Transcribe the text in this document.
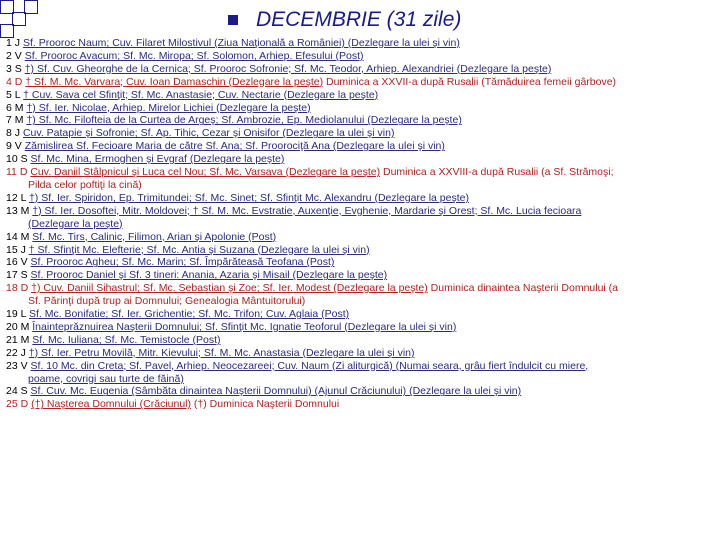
DECEMBRIE (31 zile)
1 J Sf. Prooroc Naum; Cuv. Filaret Milostivul (Ziua Naţională a României) (Dezlegare la ulei şi vin)
2 V Sf. Prooroc Avacum; Sf. Mc. Miropa; Sf. Solomon, Arhiep. Efesului (Post)
3 S †) Sf. Cuv. Gheorghe de la Cernica; Sf. Prooroc Sofronie; Sf. Mc. Teodor, Arhiep. Alexandriei (Dezlegare la peşte)
4 D † Sf. M. Mc. Varvara; Cuv. Ioan Damaschin (Dezlegare la peşte) Duminica a XXVII-a după Rusalii (Tămăduirea femeii gârbove)
5 L † Cuv. Sava cel Sfinţit; Sf. Mc. Anastasie; Cuv. Nectarie (Dezlegare la peşte)
6 M †) Sf. Ier. Nicolae, Arhiep. Mirelor Lichiei (Dezlegare la peşte)
7 M †) Sf. Mc. Filofteia de la Curtea de Argeş; Sf. Ambrozie, Ep. Mediolanului (Dezlegare la peşte)
8 J Cuv. Patapie şi Sofronie; Sf. Ap. Tihic, Cezar şi Onisifor (Dezlegare la ulei şi vin)
9 V Zămislirea Sf. Fecioare Maria de către Sf. Ana; Sf. Proorociţă Ana (Dezlegare la ulei şi vin)
10 S Sf. Mc. Mina, Ermoghen şi Evgraf (Dezlegare la peşte)
11 D Cuv. Daniil Stâlpnicul şi Luca cel Nou; Sf. Mc. Varsava (Dezlegare la peşte) Duminica a XXVIII-a după Rusalii (a Sf. Strămoşi;
Pilda celor poftiţi la cină)
12 L †) Sf. Ier. Spiridon, Ep. Trimitundei; Sf. Mc. Sinet; Sf. Sfinţit Mc. Alexandru (Dezlegare la peşte)
13 M †) Sf. Ier. Dosoftei, Mitr. Moldovei; † Sf. M. Mc. Evstratie, Auxenţie, Evghenie, Mardarie şi Orest; Sf. Mc. Lucia fecioara
(Dezlegare la peşte)
14 M Sf. Mc. Tirs, Calinic, Filimon, Arian şi Apolonie (Post)
15 J † Sf. Sfinţit Mc. Elefterie; Sf. Mc. Antia şi Suzana (Dezlegare la ulei şi vin)
16 V Sf. Prooroc Agheu; Sf. Mc. Marin; Sf. Împărăteasă Teofana (Post)
17 S Sf. Prooroc Daniel şi Sf. 3 tineri: Anania, Azaria şi Misail (Dezlegare la peşte)
18 D †) Cuv. Daniil Sihastrul; Sf. Mc. Sebastian şi Zoe; Sf. Ier. Modest (Dezlegare la peşte) Duminica dinaintea Naşterii Domnului (a
Sf. Părinţi după trup ai Domnului; Genealogia Mântuitorului)
19 L Sf. Mc. Bonifatie; Sf. Ier. Grichentie; Sf. Mc. Trifon; Cuv. Aglaia (Post)
20 M Înainteprăznuirea Naşterii Domnului; Sf. Sfinţit Mc. Ignatie Teoforul (Dezlegare la ulei şi vin)
21 M Sf. Mc. Iuliana; Sf. Mc. Temistocle (Post)
22 J †) Sf. Ier. Petru Movilă, Mitr. Kievului; Sf. M. Mc. Anastasia (Dezlegare la ulei şi vin)
23 V Sf. 10 Mc. din Creta; Sf. Pavel, Arhiep. Neocezareei; Cuv. Naum (Zi aliturgică) (Numai seara, grâu fiert îndulcit cu miere,
poame, covrigi sau turte de făină)
24 S Sf. Cuv. Mc. Eugenia (Sâmbăta dinaintea Naşterii Domnului) (Ajunul Crăciunului) (Dezlegare la ulei şi vin)
25 D (†) Naşterea Domnului (Crăciunul) (†) Duminica Naşterii Domnului
